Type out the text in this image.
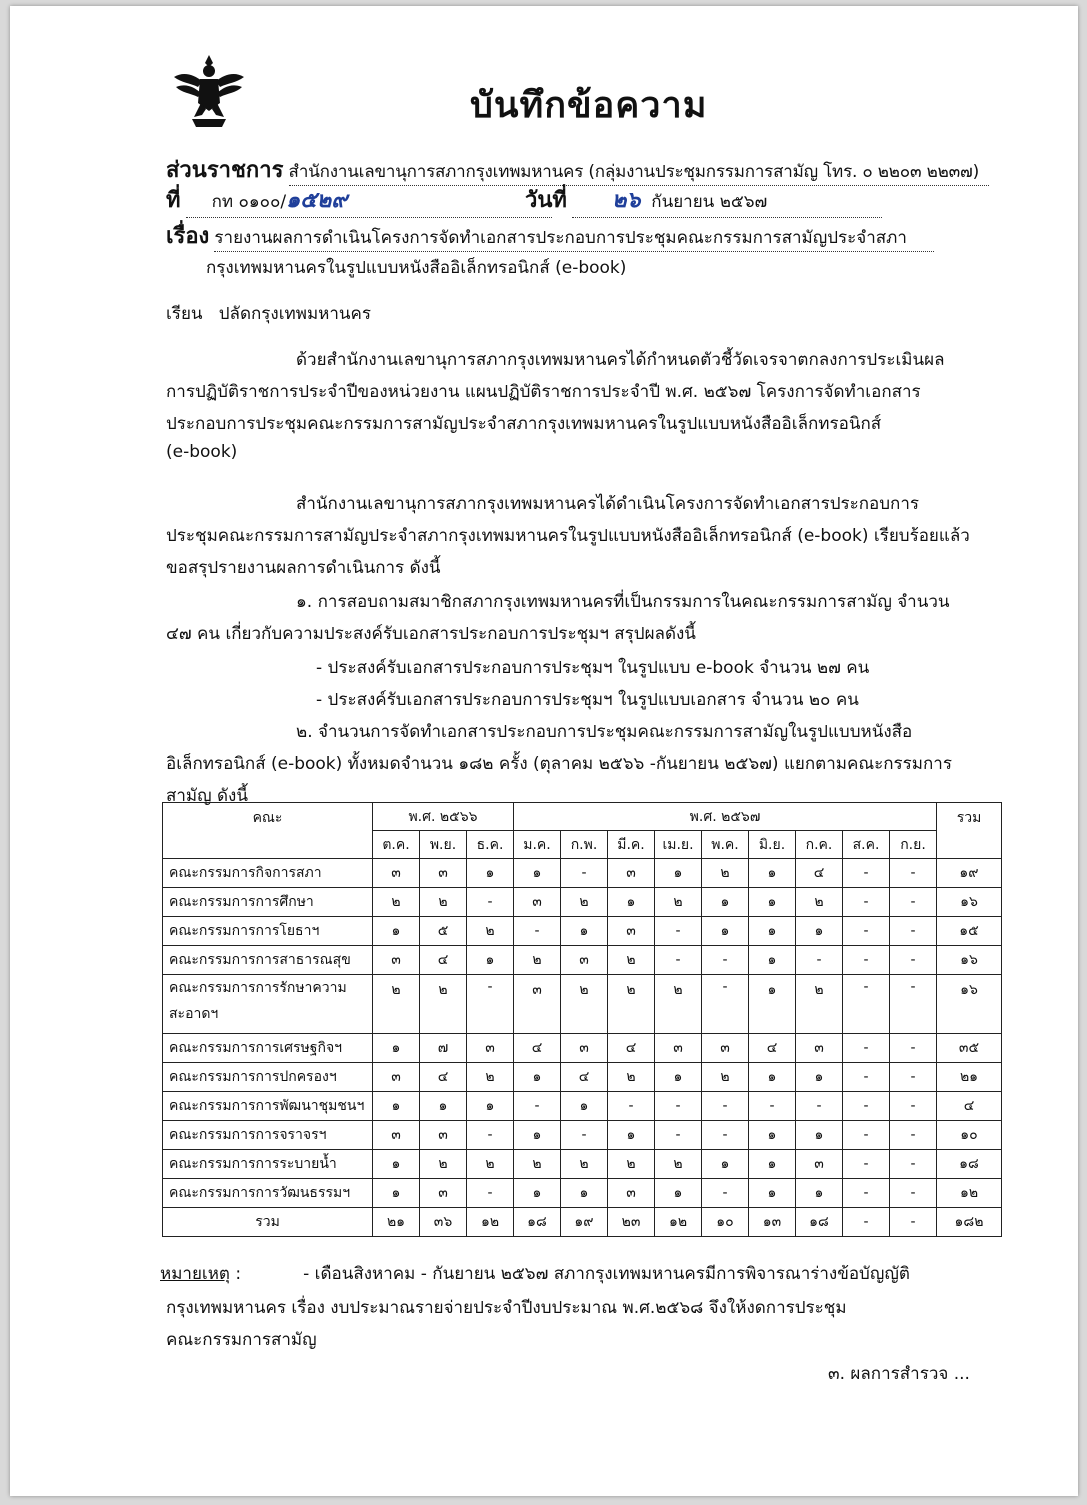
บันทึกข้อความ
ส่วนราชการ สำนักงานเลขานุการสภากรุงเทพมหานคร (กลุ่มงานประชุมกรรมการสามัญ โทร. ๐ ๒๒๐๓ ๒๒๓๗)
ที่ กท ๐๑๐๐/๑๕๒๙	วันที่ ๒๖ กันยายน ๒๕๖๗
เรื่อง รายงานผลการดำเนินโครงการจัดทำเอกสารประกอบการประชุมคณะกรรมการสามัญประจำสภา
กรุงเทพมหานครในรูปแบบหนังสืออิเล็กทรอนิกส์ (e-book)
เรียน ปลัดกรุงเทพมหานคร
ด้วยสำนักงานเลขานุการสภากรุงเทพมหานครได้กำหนดตัวชี้วัดเจรจาตกลงการประเมินผล
การปฏิบัติราชการประจำปีของหน่วยงาน แผนปฏิบัติราชการประจำปี พ.ศ. ๒๕๖๗ โครงการจัดทำเอกสาร
ประกอบการประชุมคณะกรรมการสามัญประจำสภากรุงเทพมหานครในรูปแบบหนังสืออิเล็กทรอนิกส์
(e-book)
สำนักงานเลขานุการสภากรุงเทพมหานครได้ดำเนินโครงการจัดทำเอกสารประกอบการ
ประชุมคณะกรรมการสามัญประจำสภากรุงเทพมหานครในรูปแบบหนังสืออิเล็กทรอนิกส์ (e-book) เรียบร้อยแล้ว
ขอสรุปรายงานผลการดำเนินการ ดังนี้
๑. การสอบถามสมาชิกสภากรุงเทพมหานครที่เป็นกรรมการในคณะกรรมการสามัญ จำนวน
๔๗ คน เกี่ยวกับความประสงค์รับเอกสารประกอบการประชุมฯ สรุปผลดังนี้
- ประสงค์รับเอกสารประกอบการประชุมฯ ในรูปแบบ e-book จำนวน ๒๗ คน
- ประสงค์รับเอกสารประกอบการประชุมฯ ในรูปแบบเอกสาร จำนวน ๒๐ คน
๒. จำนวนการจัดทำเอกสารประกอบการประชุมคณะกรรมการสามัญในรูปแบบหนังสือ
อิเล็กทรอนิกส์ (e-book) ทั้งหมดจำนวน ๑๘๒ ครั้ง (ตุลาคม ๒๕๖๖ -กันยายน ๒๕๖๗) แยกตามคณะกรรมการ
สามัญ ดังนี้
คณะ	พ.ศ. ๒๕๖๖			พ.ศ. ๒๕๖๗									รวม
	ต.ค.	พ.ย.	ธ.ค.	ม.ค.	ก.พ.	มี.ค.	เม.ย.	พ.ค.	มิ.ย.	ก.ค.	ส.ค.	ก.ย.	
คณะกรรมการกิจการสภา	๓	๓	๑	๑	-	๓	๑	๒	๑	๔	-	-	๑๙
คณะกรรมการการศึกษา	๒	๒	-	๓	๒	๑	๒	๑	๑	๒	-	-	๑๖
คณะกรรมการการโยธาฯ	๑	๕	๒	-	๑	๓	-	๑	๑	๑	-	-	๑๕
คณะกรรมการการสาธารณสุข	๓	๔	๑	๒	๓	๒	-	-	๑	-	-	-	๑๖
คณะกรรมการการรักษาความ
สะอาดฯ	๒	๒	-	๓	๒	๒	๒	-	๑	๒	-	-	๑๖
คณะกรรมการการเศรษฐกิจฯ	๑	๗	๓	๔	๓	๔	๓	๓	๔	๓	-	-	๓๕
คณะกรรมการการปกครองฯ	๓	๔	๒	๑	๔	๒	๑	๒	๑	๑	-	-	๒๑
คณะกรรมการการพัฒนาชุมชนฯ	๑	๑	๑	-	๑	-	-	-	-	-	-	-	๔
คณะกรรมการการจราจรฯ	๓	๓	-	๑	-	๑	-	-	๑	๑	-	-	๑๐
คณะกรรมการการระบายน้ำ	๑	๒	๒	๒	๒	๒	๒	๑	๑	๓	-	-	๑๘
คณะกรรมการการวัฒนธรรมฯ	๑	๓	-	๑	๑	๓	๑	-	๑	๑	-	-	๑๒
รวม	๒๑	๓๖	๑๒	๑๘	๑๙	๒๓	๑๒	๑๐	๑๓	๑๘	-	-	๑๘๒
หมายเหตุ :	- เดือนสิงหาคม - กันยายน ๒๕๖๗ สภากรุงเทพมหานครมีการพิจารณาร่างข้อบัญญัติ
กรุงเทพมหานคร เรื่อง งบประมาณรายจ่ายประจำปีงบประมาณ พ.ศ.๒๕๖๘ จึงให้งดการประชุม
คณะกรรมการสามัญ
๓. ผลการสำรวจ ...
